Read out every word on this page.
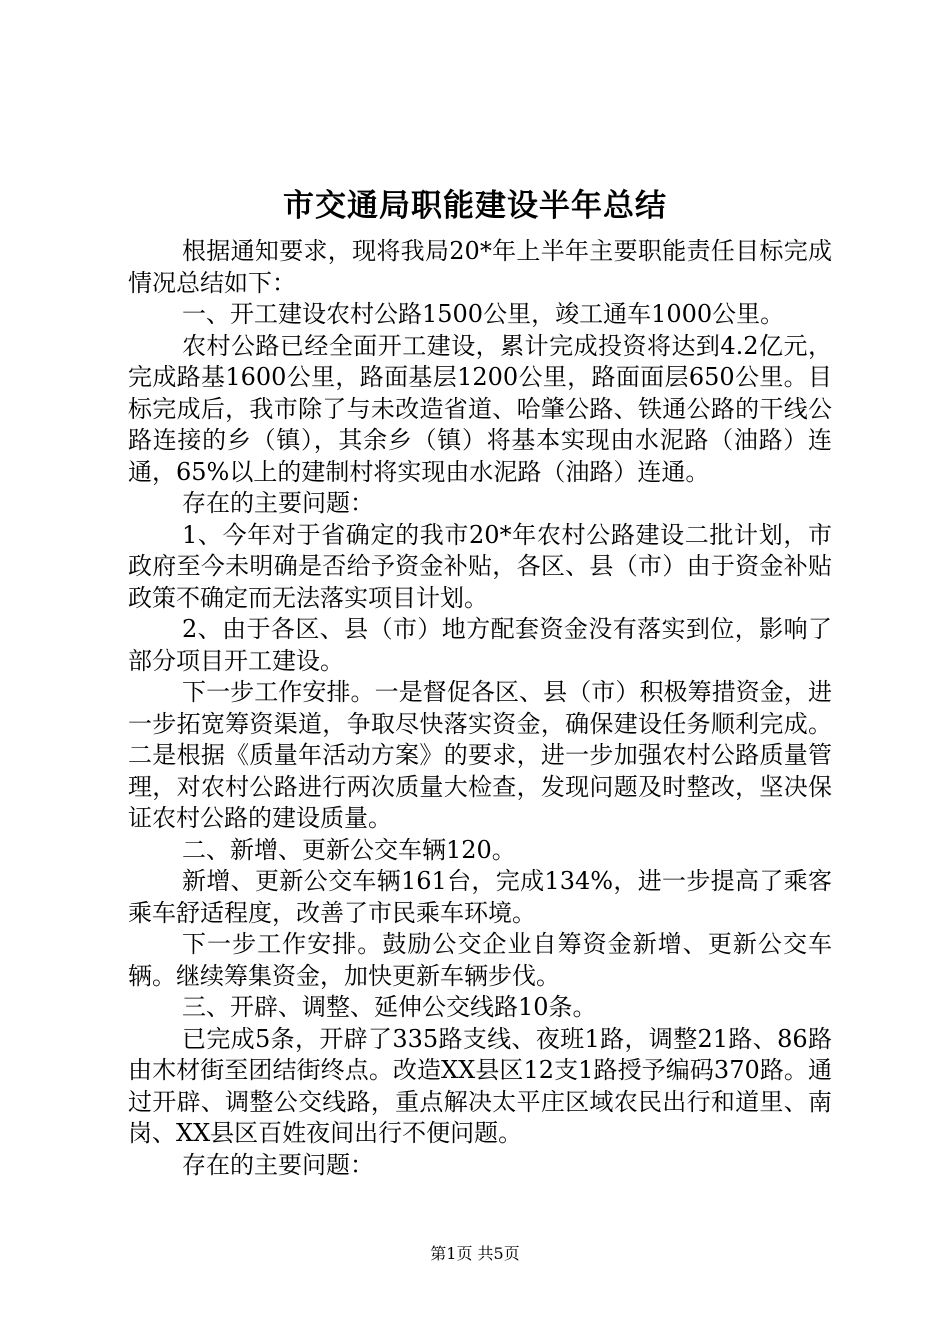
市交通局职能建设半年总结

根据通知要求，现将我局20*年上半年主要职能责任目标完成情况总结如下：

一、开工建设农村公路1500公里，竣工通车1000公里。

农村公路已经全面开工建设，累计完成投资将达到4.2亿元，完成路基1600公里，路面基层1200公里，路面面层650公里。目标完成后，我市除了与未改造省道、哈肇公路、铁通公路的干线公路连接的乡（镇），其余乡（镇）将基本实现由水泥路（油路）连通，65%以上的建制村将实现由水泥路（油路）连通。

存在的主要问题：

1、今年对于省确定的我市20*年农村公路建设二批计划，市政府至今未明确是否给予资金补贴，各区、县（市）由于资金补贴政策不确定而无法落实项目计划。

2、由于各区、县（市）地方配套资金没有落实到位，影响了部分项目开工建设。

下一步工作安排。一是督促各区、县（市）积极筹措资金，进一步拓宽筹资渠道，争取尽快落实资金，确保建设任务顺利完成。二是根据《质量年活动方案》的要求，进一步加强农村公路质量管理，对农村公路进行两次质量大检查，发现问题及时整改，坚决保证农村公路的建设质量。

二、新增、更新公交车辆120。

新增、更新公交车辆161台，完成134%，进一步提高了乘客乘车舒适程度，改善了市民乘车环境。

下一步工作安排。鼓励公交企业自筹资金新增、更新公交车辆。继续筹集资金，加快更新车辆步伐。

三、开辟、调整、延伸公交线路10条。

已完成5条，开辟了335路支线、夜班1路，调整21路、86路由木材街至团结街终点。改造XX县区12支1路授予编码370路。通过开辟、调整公交线路，重点解决太平庄区域农民出行和道里、南岗、XX县区百姓夜间出行不便问题。

存在的主要问题：

第1页 共5页
